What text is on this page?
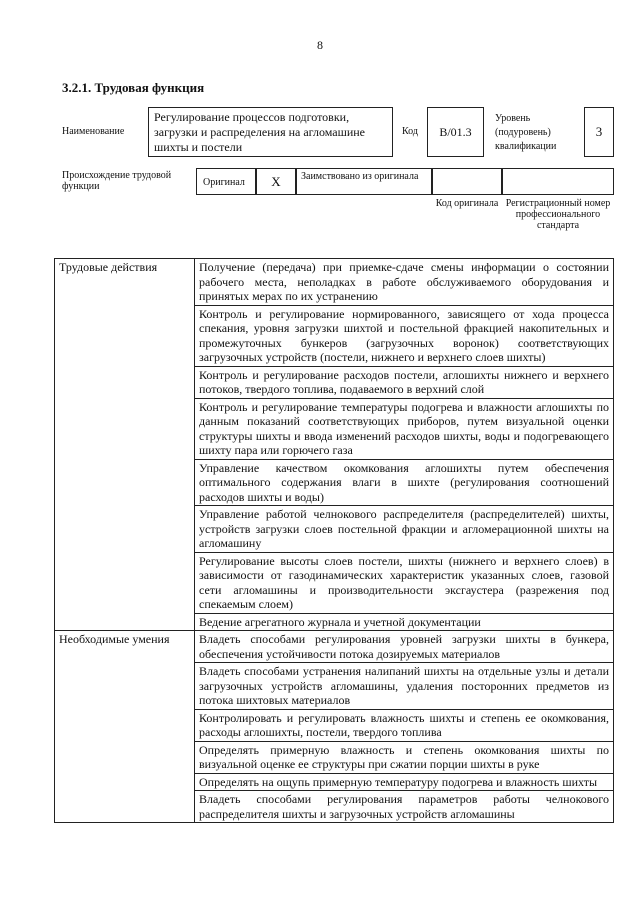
8
3.2.1. Трудовая функция
Наименование
Регулирование процессов подготовки, загрузки и распределения на агломашине шихты и постели
Код	B/01.3
Уровень (подуровень) квалификации
3
Происхождение трудовой функции	Оригинал	X	Заимствовано из оригинала
Код оригинала Регистрационный номер профессионального стандарта
Трудовые действия	Получение (передача) при приемке-сдаче смены информации о состоянии рабочего места, неполадках в работе обслуживаемого оборудования и принятых мерах по их устранению
	Контроль и регулирование нормированного, зависящего от хода процесса спекания, уровня загрузки шихтой и постельной фракцией накопительных и промежуточных бункеров (загрузочных воронок) соответствующих загрузочных устройств (постели, нижнего и верхнего слоев шихты)
	Контроль и регулирование расходов постели, аглошихты нижнего и верхнего потоков, твердого топлива, подаваемого в верхний слой
	Контроль и регулирование температуры подогрева и влажности аглошихты по данным показаний соответствующих приборов, путем визуальной оценки структуры шихты и ввода изменений расходов шихты, воды и подогревающего шихту пара или горючего газа
	Управление качеством окомкования аглошихты путем обеспечения оптимального содержания влаги в шихте (регулирования соотношений расходов шихты и воды)
	Управление работой челнокового распределителя (распределителей) шихты, устройств загрузки слоев постельной фракции и агломерационной шихты на агломашину
	Регулирование высоты слоев постели, шихты (нижнего и верхнего слоев) в зависимости от газодинамических характеристик указанных слоев, газовой сети агломашины и производительности эксгаустера (разрежения под спекаемым слоем)
	Ведение агрегатного журнала и учетной документации
Необходимые умения	Владеть способами регулирования уровней загрузки шихты в бункера, обеспечения устойчивости потока дозируемых материалов
	Владеть способами устранения налипаний шихты на отдельные узлы и детали загрузочных устройств агломашины, удаления посторонних предметов из потока шихтовых материалов
	Контролировать и регулировать влажность шихты и степень ее окомкования, расходы аглошихты, постели, твердого топлива
	Определять примерную влажность и степень окомкования шихты по визуальной оценке ее структуры при сжатии порции шихты в руке
	Определять на ощупь примерную температуру подогрева и влажность шихты
	Владеть способами регулирования параметров работы челнокового распределителя шихты и загрузочных устройств агломашины
